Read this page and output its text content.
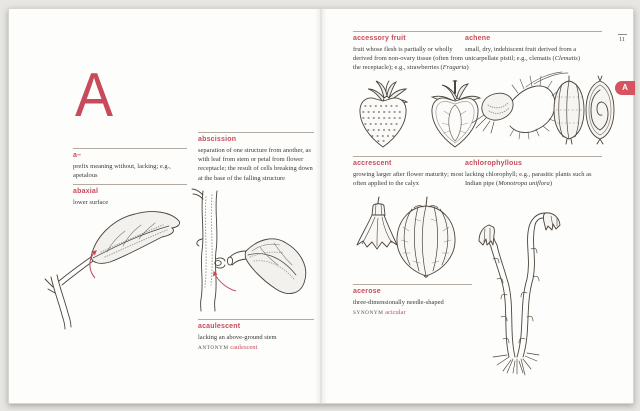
A

a–

prefix meaning without, lacking; e.g., apetalous

abaxial

lower surface

abscission

separation of one structure from another, as with leaf from stem or petal from flower receptacle; the result of cells breaking down at the base of the falling structure

acaulescent

lacking an above-ground stem

ANTONYM caulescent

11
A

accessory fruit

fruit whose flesh is partially or wholly derived from non-ovary tissue (often from the receptacle); e.g., strawberries (Fragaria)

accrescent

growing larger after flower maturity; most often applied to the calyx

acerose

three-dimensionally needle-shaped

SYNONYM acicular

achene

small, dry, indehiscent fruit derived from a unicarpellate pistil; e.g., clematis (Clematis)

achlorophyllous

lacking chlorophyll; e.g., parasitic plants such as Indian pipe (Monotropa uniflora)
